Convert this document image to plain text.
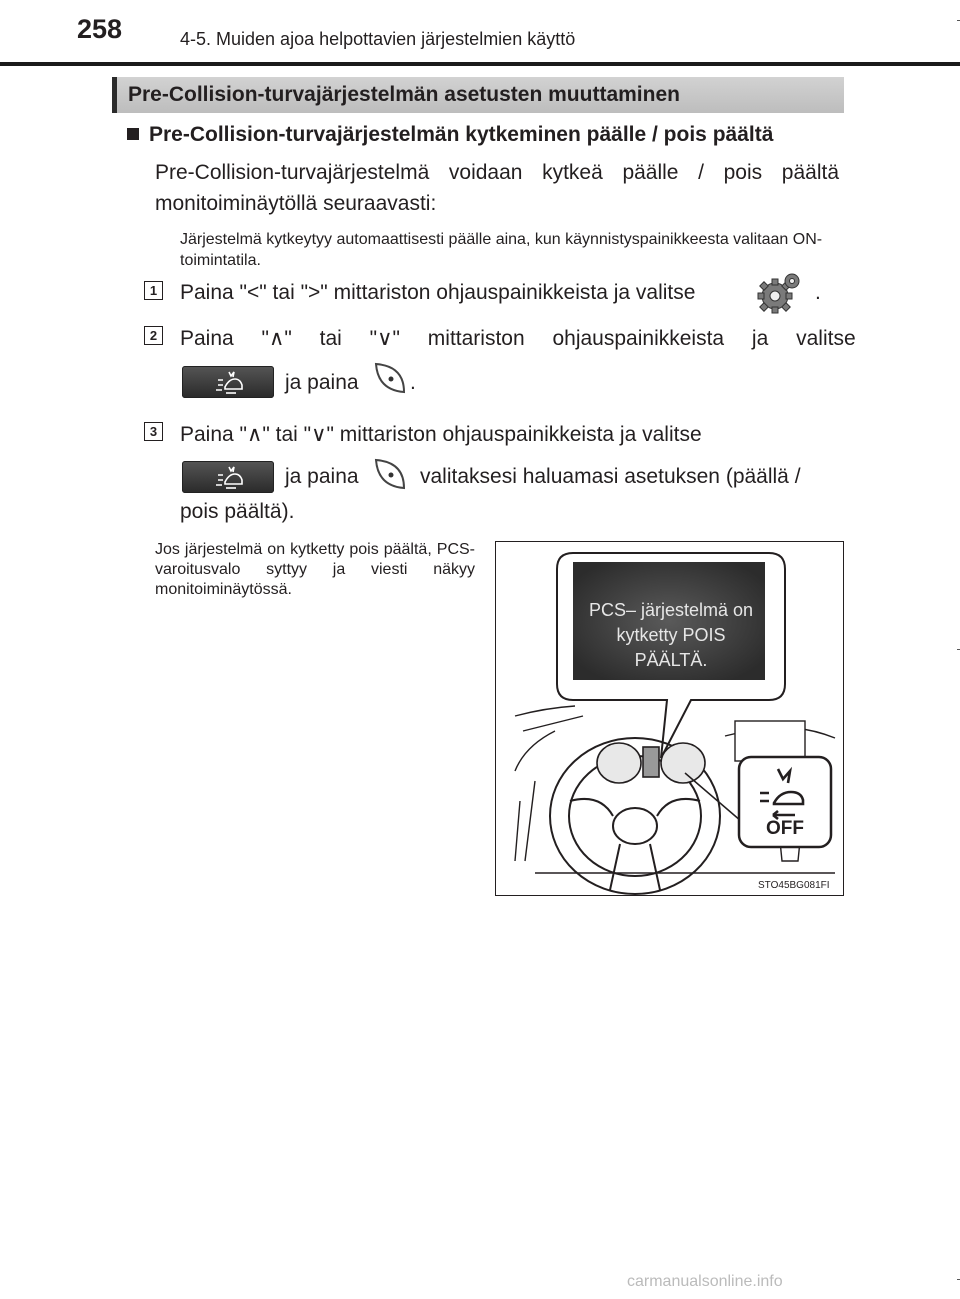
258	4-5. Muiden ajoa helpottavien järjestelmien käyttö
Pre-Collision-turvajärjestelmän asetusten muuttaminen
Pre-Collision-turvajärjestelmän kytkeminen päälle / pois päältä
Pre-Collision-turvajärjestelmä voidaan kytkeä päälle / pois päältä monitoiminäytöllä seuraavasti:
Järjestelmä kytkeytyy automaattisesti päälle aina, kun käynnistyspainikkeesta valitaan ON-toimintatila.
1 Paina "<" tai ">" mittariston ohjauspainikkeista ja valitse	.
2 Paina "∧" tai "∨" mittariston ohjauspainikkeista ja valitse
ja paina .
3 Paina "∧" tai "∨" mittariston ohjauspainikkeista ja valitse
ja paina	valitaksesi haluamasi asetuksen (päällä /
pois päältä).
Jos järjestelmä on kytketty pois päältä, PCS-varoitusvalo syttyy ja viesti näkyy monitoiminäytössä.
PCS– järjestelmä on
kytketty POIS PÄÄLTÄ.
OFF
STO45BG081FI
carmanualsonline.info
